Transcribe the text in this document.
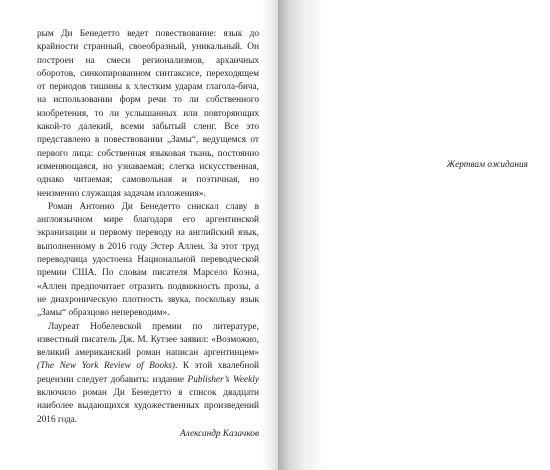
рым Ди Бенедетто ведет повествование: язык до крайности странный, своеобразный, уникальный. Он построен на смеси регионализмов, архаичных оборотов, синкопированном синтаксисе, переходящем от периодов тишины к хлестким ударам глагола-бича, на использовании форм речи то ли собственного изобретения, то ли услышанных или повторяющих какой-то далекий, всеми забытый сленг. Все это представлено в повествовании „Замы“, ведущемся от первого лица: собственная языковая ткань, постоянно изменяющаяся, но узнаваемая; слегка искусственная, однако читаемая; самовольная и поэтичная, но неизменно служащая задачам изложения».

Роман Антонио Ди Бенедетто снискал славу в англоязычном мире благодаря его аргентинской экранизации и первому переводу на английский язык, выполненному в 2016 году Эстер Аллен. За этот труд переводчица удостоена Национальной переводческой премии США. По словам писателя Марсело Коэна, «Аллен предпочитает отразить подвижность прозы, а не диахроническую плотность звука, поскольку язык „Замы“ образцово непереводим».

Лауреат Нобелевской премии по литературе, известный писатель Дж. М. Кутзее заявил: «Возможно, великий американский роман написан аргентинцем» (The New York Review of Books). К этой хвалебной рецензии следует добавить: издание Publisher’s Weekly включило роман Ди Бенедетто в список двадцати наиболее выдающихся художественных произведений 2016 года.

Александр Казачков
Жертвам ожидания
